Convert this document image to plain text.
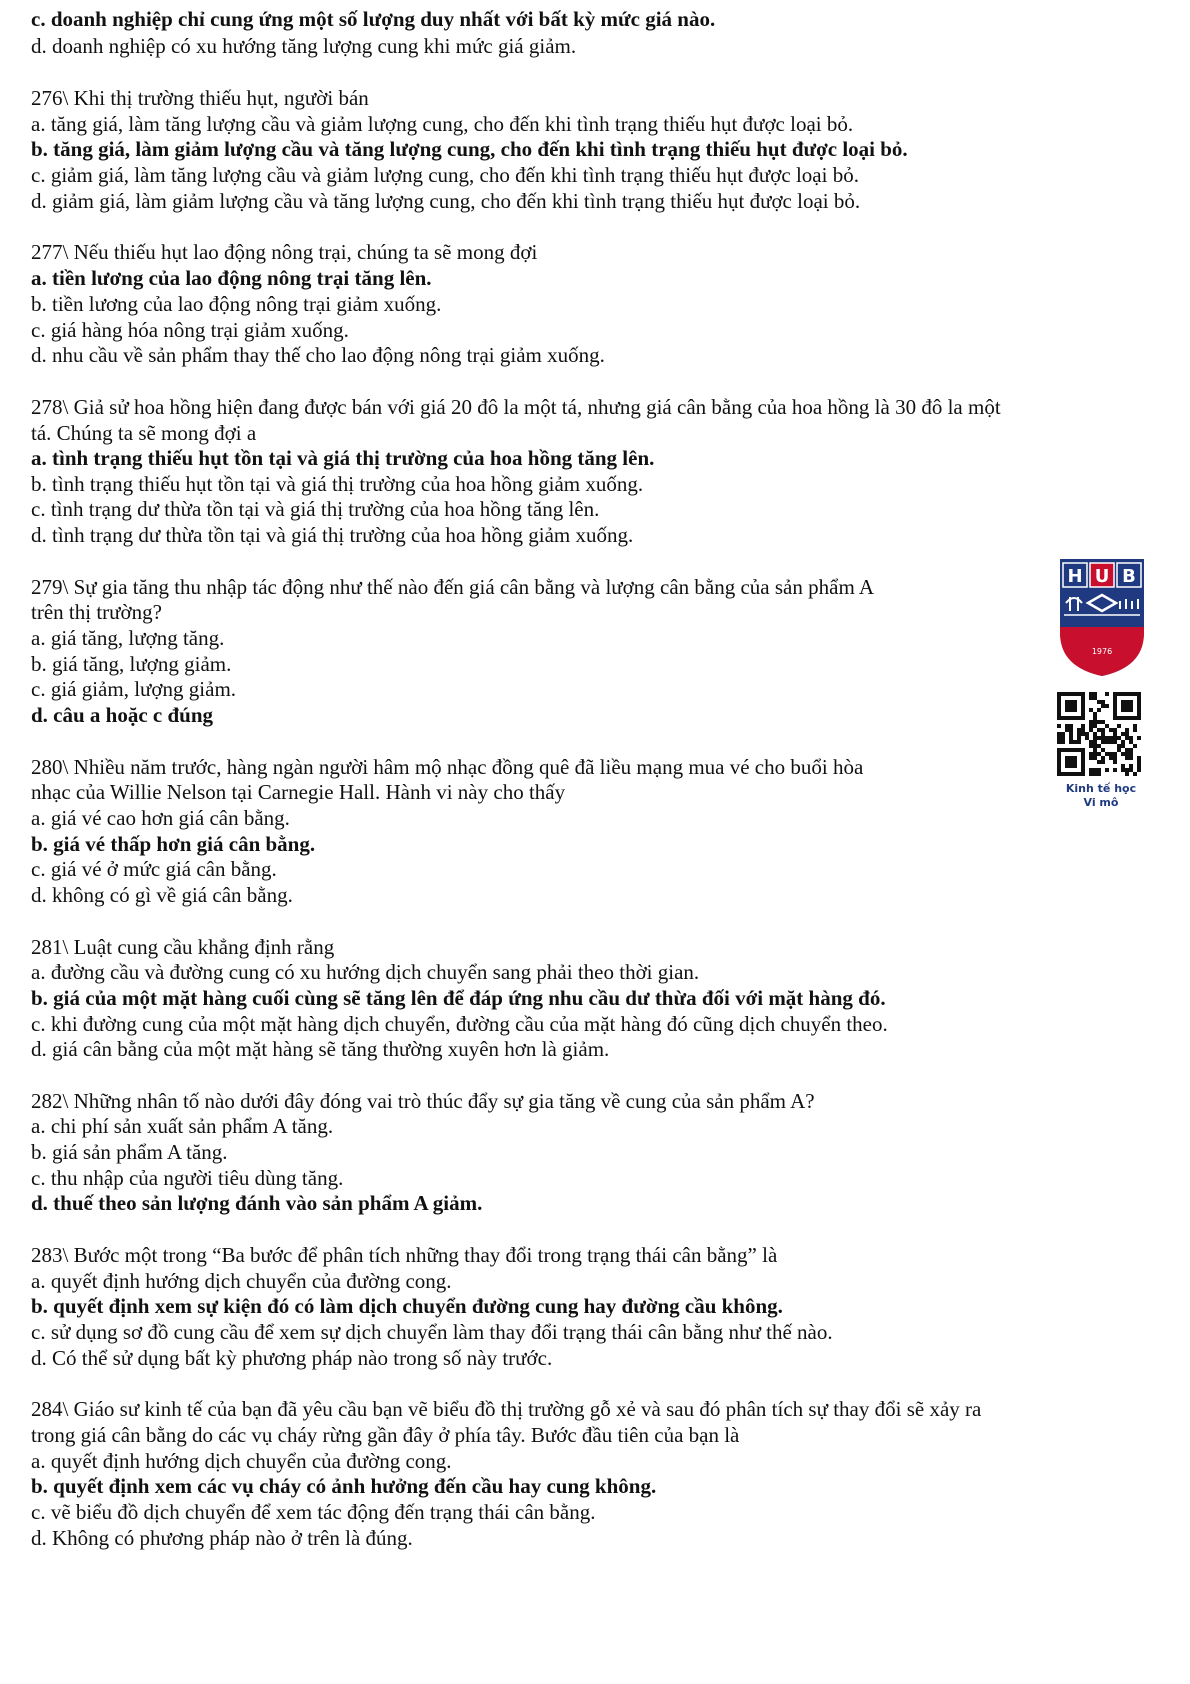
c. doanh nghiệp chỉ cung ứng một số lượng duy nhất với bất kỳ mức giá nào.

d. doanh nghiệp có xu hướng tăng lượng cung khi mức giá giảm.

276\ Khi thị trường thiếu hụt, người bán

a. tăng giá, làm tăng lượng cầu và giảm lượng cung, cho đến khi tình trạng thiếu hụt được loại bỏ.

b. tăng giá, làm giảm lượng cầu và tăng lượng cung, cho đến khi tình trạng thiếu hụt được loại bỏ.

c. giảm giá, làm tăng lượng cầu và giảm lượng cung, cho đến khi tình trạng thiếu hụt được loại bỏ.

d. giảm giá, làm giảm lượng cầu và tăng lượng cung, cho đến khi tình trạng thiếu hụt được loại bỏ.

277\ Nếu thiếu hụt lao động nông trại, chúng ta sẽ mong đợi

a. tiền lương của lao động nông trại tăng lên.

b. tiền lương của lao động nông trại giảm xuống.

c. giá hàng hóa nông trại giảm xuống.

d. nhu cầu về sản phẩm thay thế cho lao động nông trại giảm xuống.

278\ Giả sử hoa hồng hiện đang được bán với giá 20 đô la một tá, nhưng giá cân bằng của hoa hồng là 30 đô la một

tá. Chúng ta sẽ mong đợi a

a. tình trạng thiếu hụt tồn tại và giá thị trường của hoa hồng tăng lên.

b. tình trạng thiếu hụt tồn tại và giá thị trường của hoa hồng giảm xuống.

c. tình trạng dư thừa tồn tại và giá thị trường của hoa hồng tăng lên.

d. tình trạng dư thừa tồn tại và giá thị trường của hoa hồng giảm xuống.

279\ Sự gia tăng thu nhập tác động như thế nào đến giá cân bằng và lượng cân bằng của sản phẩm A

trên thị trường?

a. giá tăng, lượng tăng.

b. giá tăng, lượng giảm.

c. giá giảm, lượng giảm.

d. câu a hoặc c đúng

280\ Nhiều năm trước, hàng ngàn người hâm mộ nhạc đồng quê đã liều mạng mua vé cho buổi hòa

nhạc của Willie Nelson tại Carnegie Hall. Hành vi này cho thấy

a. giá vé cao hơn giá cân bằng.

b. giá vé thấp hơn giá cân bằng.

c. giá vé ở mức giá cân bằng.

d. không có gì về giá cân bằng.

281\ Luật cung cầu khẳng định rằng

a. đường cầu và đường cung có xu hướng dịch chuyển sang phải theo thời gian.

b. giá của một mặt hàng cuối cùng sẽ tăng lên để đáp ứng nhu cầu dư thừa đối với mặt hàng đó.

c. khi đường cung của một mặt hàng dịch chuyển, đường cầu của mặt hàng đó cũng dịch chuyển theo.

d. giá cân bằng của một mặt hàng sẽ tăng thường xuyên hơn là giảm.

282\ Những nhân tố nào dưới đây đóng vai trò thúc đẩy sự gia tăng về cung của sản phẩm A?

a. chi phí sản xuất sản phẩm A tăng.

b. giá sản phẩm A tăng.

c. thu nhập của người tiêu dùng tăng.

d. thuế theo sản lượng đánh vào sản phẩm A giảm.

283\ Bước một trong “Ba bước để phân tích những thay đổi trong trạng thái cân bằng” là

a. quyết định hướng dịch chuyển của đường cong.

b. quyết định xem sự kiện đó có làm dịch chuyển đường cung hay đường cầu không.

c. sử dụng sơ đồ cung cầu để xem sự dịch chuyển làm thay đổi trạng thái cân bằng như thế nào.

d. Có thể sử dụng bất kỳ phương pháp nào trong số này trước.

284\ Giáo sư kinh tế của bạn đã yêu cầu bạn vẽ biểu đồ thị trường gỗ xẻ và sau đó phân tích sự thay đổi sẽ xảy ra

trong giá cân bằng do các vụ cháy rừng gần đây ở phía tây. Bước đầu tiên của bạn là

a. quyết định hướng dịch chuyển của đường cong.

b. quyết định xem các vụ cháy có ảnh hưởng đến cầu hay cung không.

c. vẽ biểu đồ dịch chuyển để xem tác động đến trạng thái cân bằng.

d. Không có phương pháp nào ở trên là đúng.

H U B
1976
Kinh tế học
Vi mô
